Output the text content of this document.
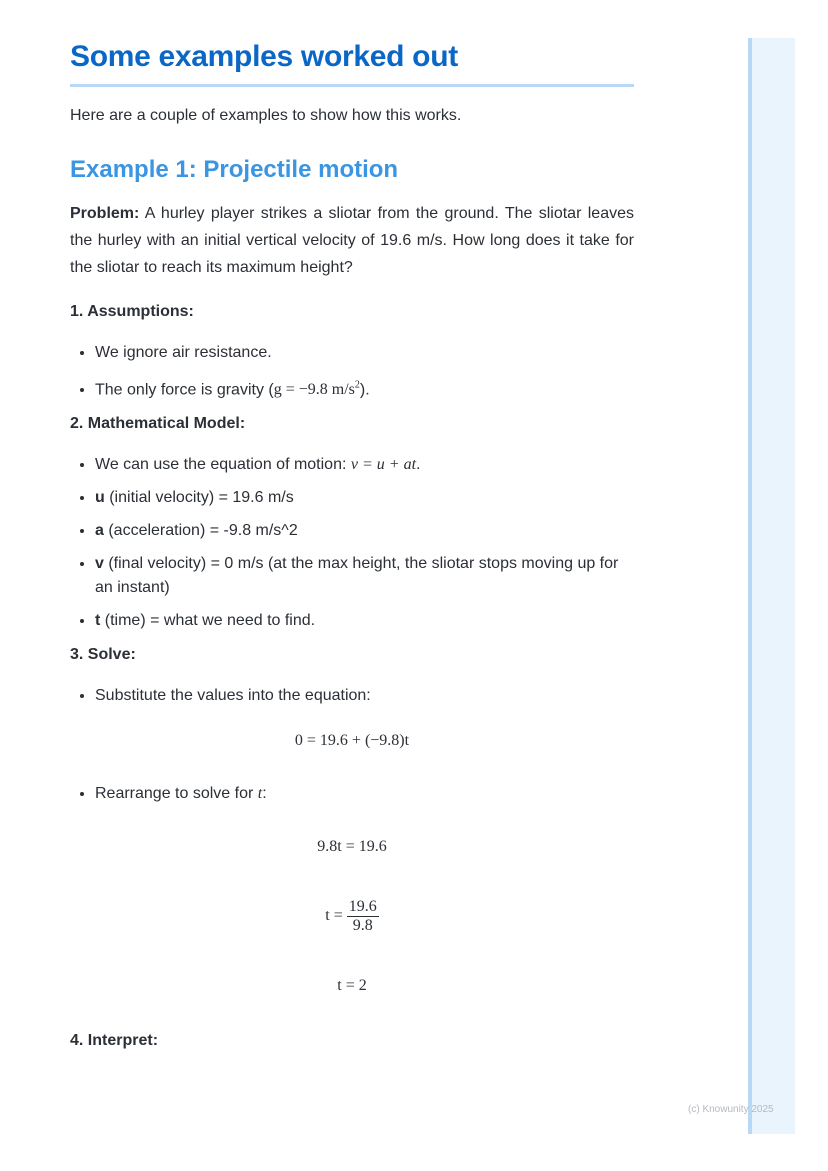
(c) Knowunity 2025
Some examples worked out

Here are a couple of examples to show how this works.

Example 1: Projectile motion

Problem: A hurley player strikes a sliotar from the ground. The sliotar leaves the hurley with an initial vertical velocity of 19.6 m/s. How long does it take for the sliotar to reach its maximum height?

1. Assumptions:
• We ignore air resistance.
• The only force is gravity (g = −9.8 $m/s^2$).
2. Mathematical Model:
• We can use the equation of motion: v = u + at.
• u (initial velocity) = 19.6 m/s
• a (acceleration) = -9.8 m/s^2
• v (final velocity) = 0 m/s (at the max height, the sliotar stops moving up for an instant)
• t (time) = what we need to find.
3. Solve:
• Substitute the values into the equation:

0 = 19.6 + (−9.8)t

• Rearrange to solve for t:

9.8t = 19.6

$t = \frac{19.6}{9.8}$

t = 2

4. Interpret:
